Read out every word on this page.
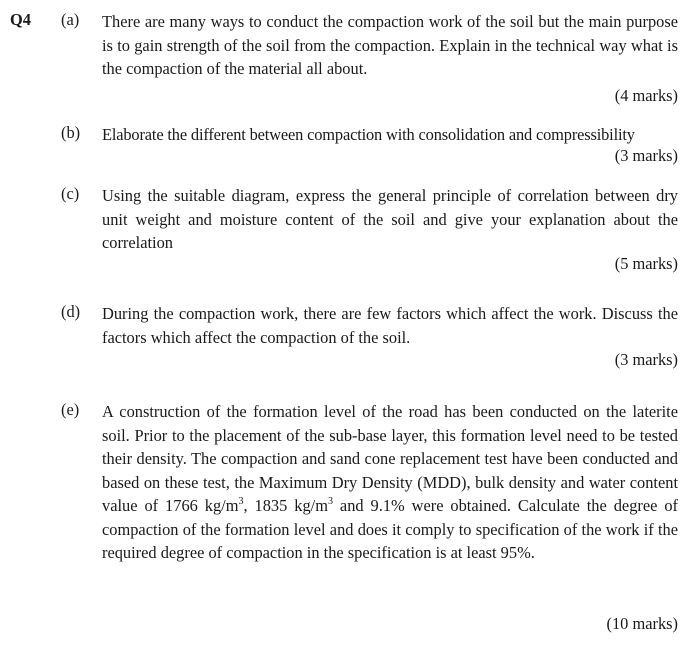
Q4 (a) There are many ways to conduct the compaction work of the soil but the main purpose is to gain strength of the soil from the compaction. Explain in the technical way what is the compaction of the material all about.
(4 marks)
(b) Elaborate the different between compaction with consolidation and compressibility
(3 marks)
(c) Using the suitable diagram, express the general principle of correlation between dry unit weight and moisture content of the soil and give your explanation about the correlation
(5 marks)
(d) During the compaction work, there are few factors which affect the work. Discuss the factors which affect the compaction of the soil.
(3 marks)
(e) A construction of the formation level of the road has been conducted on the laterite soil. Prior to the placement of the sub-base layer, this formation level need to be tested their density. The compaction and sand cone replacement test have been conducted and based on these test, the Maximum Dry Density (MDD), bulk density and water content value of 1766 $kg/m^3$, 1835 $kg/m^3$ and 9.1% were obtained. Calculate the degree of compaction of the formation level and does it comply to specification of the work if the required degree of compaction in the specification is at least 95%.
(10 marks)
